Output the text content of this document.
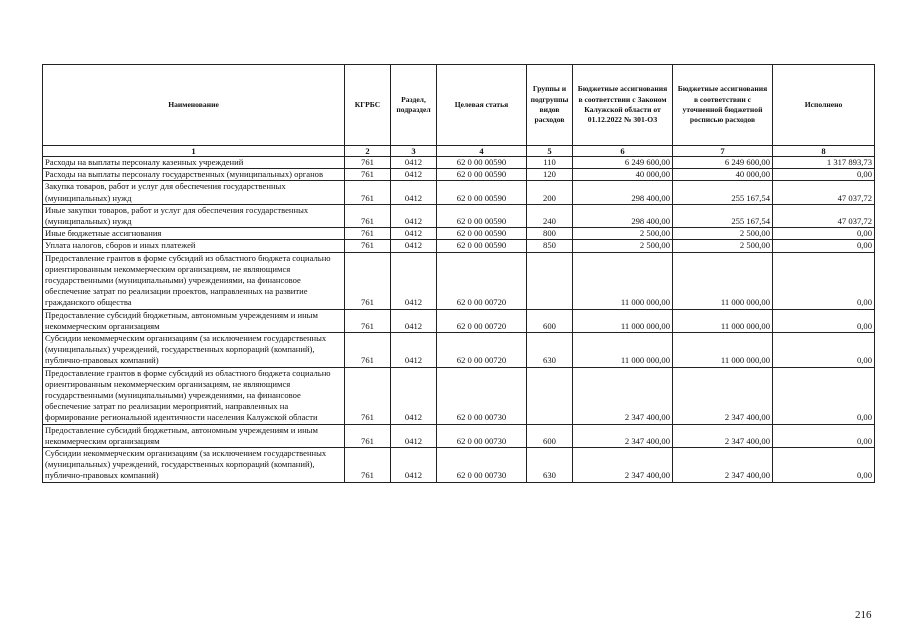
Наименование	КГРБС	Раздел, подраздел	Целевая статья	Группы и подгруппы видов расходов	Бюджетные ассигнования в соответствии с Законом Калужской области от 01.12.2022 № 301-ОЗ	Бюджетные ассигнования в соответствии с уточненной бюджетной росписью расходов	Исполнено
1	2	3	4	5	6	7	8
Расходы на выплаты персоналу казенных учреждений	761	0412	62 0 00 00590	110	6 249 600,00	6 249 600,00	1 317 893,73
Расходы на выплаты персоналу государственных (муниципальных) органов	761	0412	62 0 00 00590	120	40 000,00	40 000,00	0,00
Закупка товаров, работ и услуг для обеспечения государственных (муниципальных) нужд	761	0412	62 0 00 00590	200	298 400,00	255 167,54	47 037,72
Иные закупки товаров, работ и услуг для обеспечения государственных (муниципальных) нужд	761	0412	62 0 00 00590	240	298 400,00	255 167,54	47 037,72
Иные бюджетные ассигнования	761	0412	62 0 00 00590	800	2 500,00	2 500,00	0,00
Уплата налогов, сборов и иных платежей	761	0412	62 0 00 00590	850	2 500,00	2 500,00	0,00
Предоставление грантов в форме субсидий из областного бюджета социально ориентированным некоммерческим организациям, не являющимся государственными (муниципальными) учреждениями, на финансовое обеспечение затрат по реализации проектов, направленных на развитие гражданского общества	761	0412	62 0 00 00720		11 000 000,00	11 000 000,00	0,00
Предоставление субсидий бюджетным, автономным учреждениям и иным некоммерческим организациям	761	0412	62 0 00 00720	600	11 000 000,00	11 000 000,00	0,00
Субсидии некоммерческим организациям (за исключением государственных (муниципальных) учреждений, государственных корпораций (компаний), публично-правовых компаний)	761	0412	62 0 00 00720	630	11 000 000,00	11 000 000,00	0,00
Предоставление грантов в форме субсидий из областного бюджета социально ориентированным некоммерческим организациям, не являющимся государственными (муниципальными) учреждениями, на финансовое обеспечение затрат по реализации мероприятий, направленных на формирование региональной идентичности населения Калужской области	761	0412	62 0 00 00730		2 347 400,00	2 347 400,00	0,00
Предоставление субсидий бюджетным, автономным учреждениям и иным некоммерческим организациям	761	0412	62 0 00 00730	600	2 347 400,00	2 347 400,00	0,00
Субсидии некоммерческим организациям (за исключением государственных (муниципальных) учреждений, государственных корпораций (компаний), публично-правовых компаний)	761	0412	62 0 00 00730	630	2 347 400,00	2 347 400,00	0,00
216
